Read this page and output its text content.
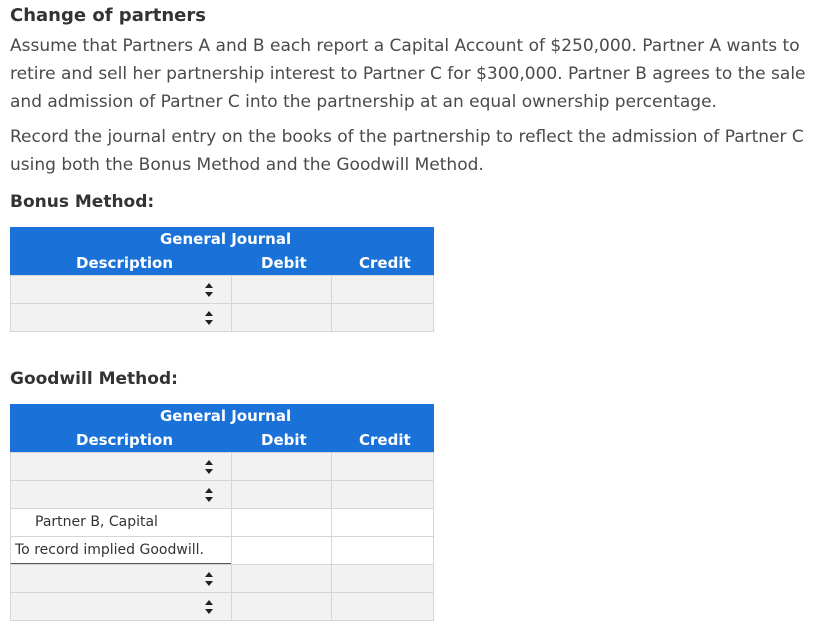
Change of partners

Assume that Partners A and B each report a Capital Account of $250,000. Partner A wants to retire and sell her partnership interest to Partner C for $300,000. Partner B agrees to the sale and admission of Partner C into the partnership at an equal ownership percentage.

Record the journal entry on the books of the partnership to reflect the admission of Partner C using both the Bonus Method and the Goodwill Method.

Bonus Method:
General Journal
Description	Debit	Credit
Goodwill Method:
General Journal
Description	Debit	Credit
Partner B, Capital
To record implied Goodwill.
